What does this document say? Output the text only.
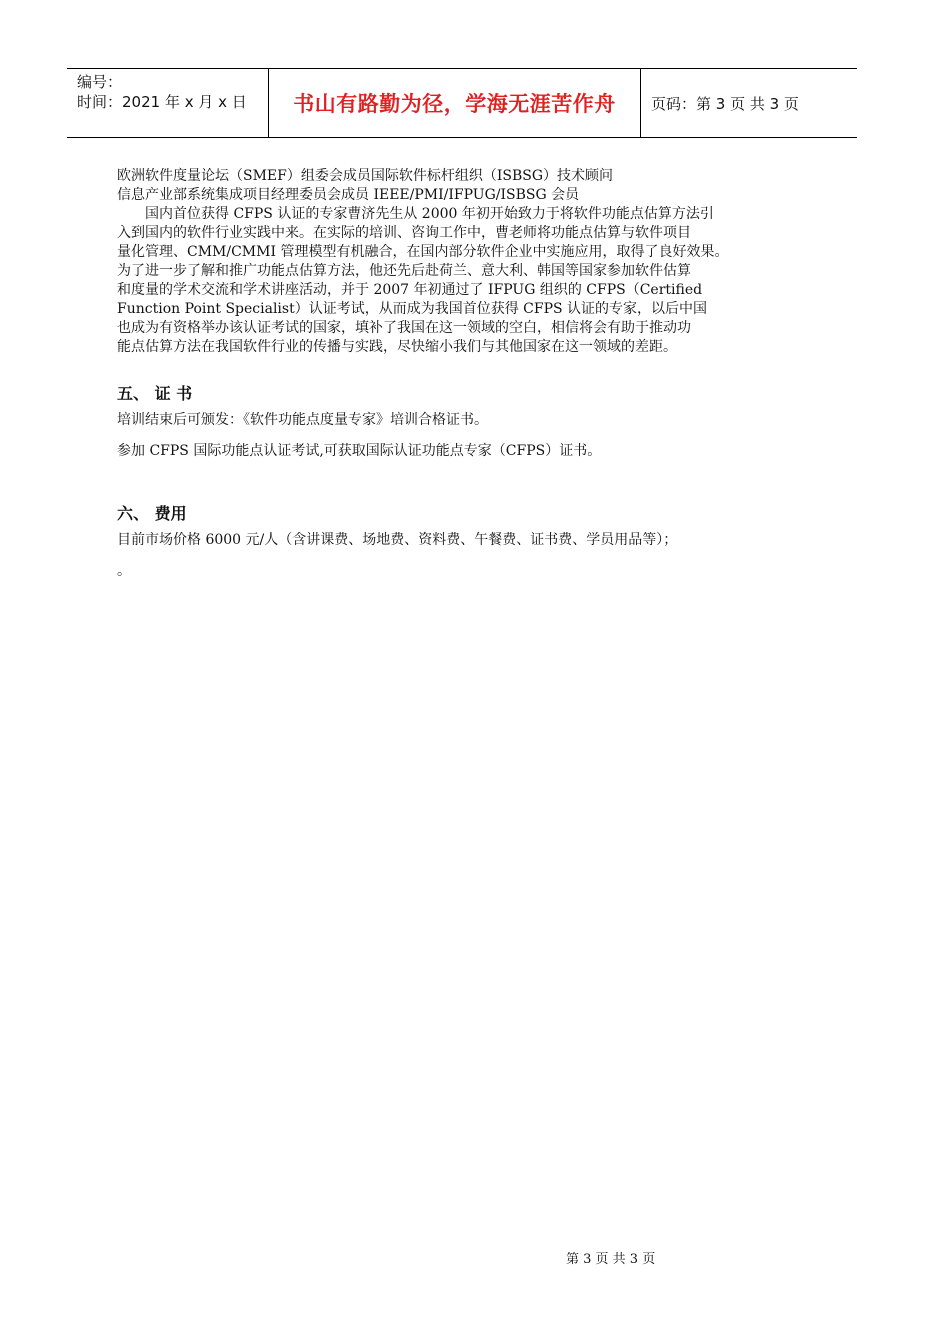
编号：
时间：2021 年 x 月 x 日 书山有路勤为径，学海无涯苦作舟 页码：第 3 页 共 3 页
欧洲软件度量论坛（SMEF）组委会成员国际软件标杆组织（ISBSG）技术顾问
信息产业部系统集成项目经理委员会成员 IEEE/PMI/IFPUG/ISBSG 会员
　　国内首位获得 CFPS 认证的专家曹济先生从 2000 年初开始致力于将软件功能点估算方法引
入到国内的软件行业实践中来。在实际的培训、咨询工作中，曹老师将功能点估算与软件项目
量化管理、CMM/CMMI 管理模型有机融合，在国内部分软件企业中实施应用，取得了良好效果。
为了进一步了解和推广功能点估算方法，他还先后赴荷兰、意大利、韩国等国家参加软件估算
和度量的学术交流和学术讲座活动，并于 2007 年初通过了 IFPUG 组织的 CFPS（Certified
Function Point Specialist）认证考试，从而成为我国首位获得 CFPS 认证的专家，以后中国
也成为有资格举办该认证考试的国家，填补了我国在这一领域的空白，相信将会有助于推动功
能点估算方法在我国软件行业的传播与实践，尽快缩小我们与其他国家在这一领域的差距。
五、 证 书
培训结束后可颁发：《软件功能点度量专家》培训合格证书。
参加 CFPS 国际功能点认证考试,可获取国际认证功能点专家（CFPS）证书。
六、 费用
目前市场价格 6000 元/人（含讲课费、场地费、资料费、午餐费、证书费、学员用品等）；
。
第 3 页 共 3 页
